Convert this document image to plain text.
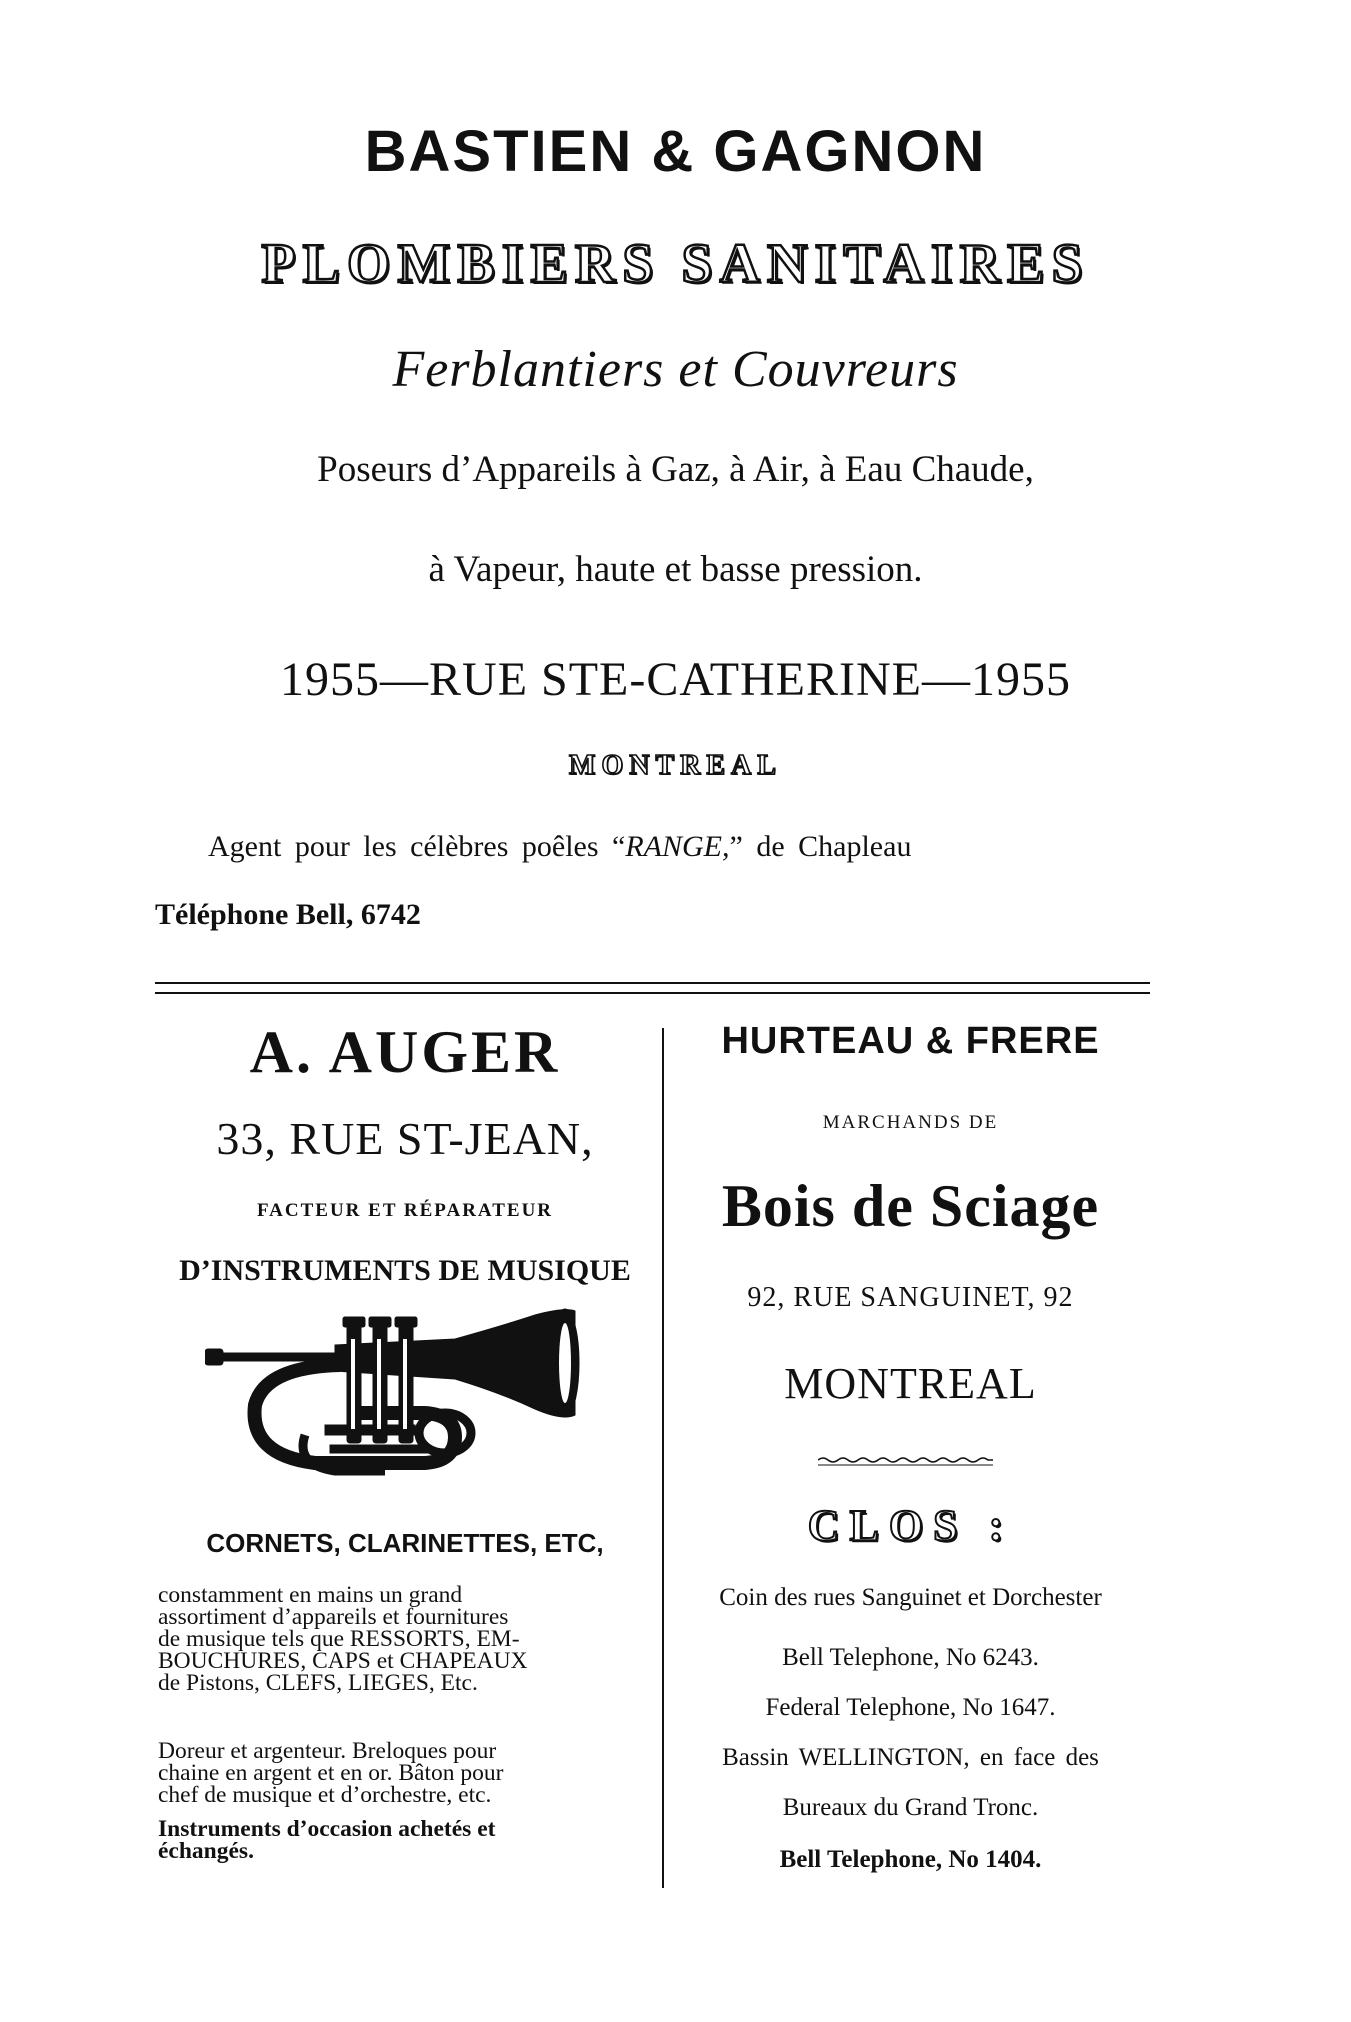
BASTIEN & GAGNON
PLOMBIERS SANITAIRES
Ferblantiers et Couvreurs
Poseurs d’Appareils à Gaz, à Air, à Eau Chaude,
à Vapeur, haute et basse pression.
1955—RUE STE-CATHERINE—1955
MONTREAL
Agent pour les célèbres poêles “RANGE,” de Chapleau
Téléphone Bell, 6742
A. AUGER
33, RUE ST-JEAN,
FACTEUR ET RÉPARATEUR
D’INSTRUMENTS DE MUSIQUE
CORNETS, CLARINETTES, ETC,
constamment en mains un grand
assortiment d’appareils et fournitures
de musique tels que RESSORTS, EM-
BOUCHURES, CAPS et CHAPEAUX
de Pistons, CLEFS, LIEGES, Etc.
Doreur et argenteur. Breloques pour
chaine en argent et en or. Bâton pour
chef de musique et d’orchestre, etc.
Instruments d’occasion achetés et
échangés.
HURTEAU & FRERE
MARCHANDS DE
Bois de Sciage
92, RUE SANGUINET, 92
MONTREAL
CLOS :
Coin des rues Sanguinet et Dorchester
Bell Telephone, No 6243.
Federal Telephone, No 1647.
Bassin WELLINGTON, en face des
Bureaux du Grand Tronc.
Bell Telephone, No 1404.
